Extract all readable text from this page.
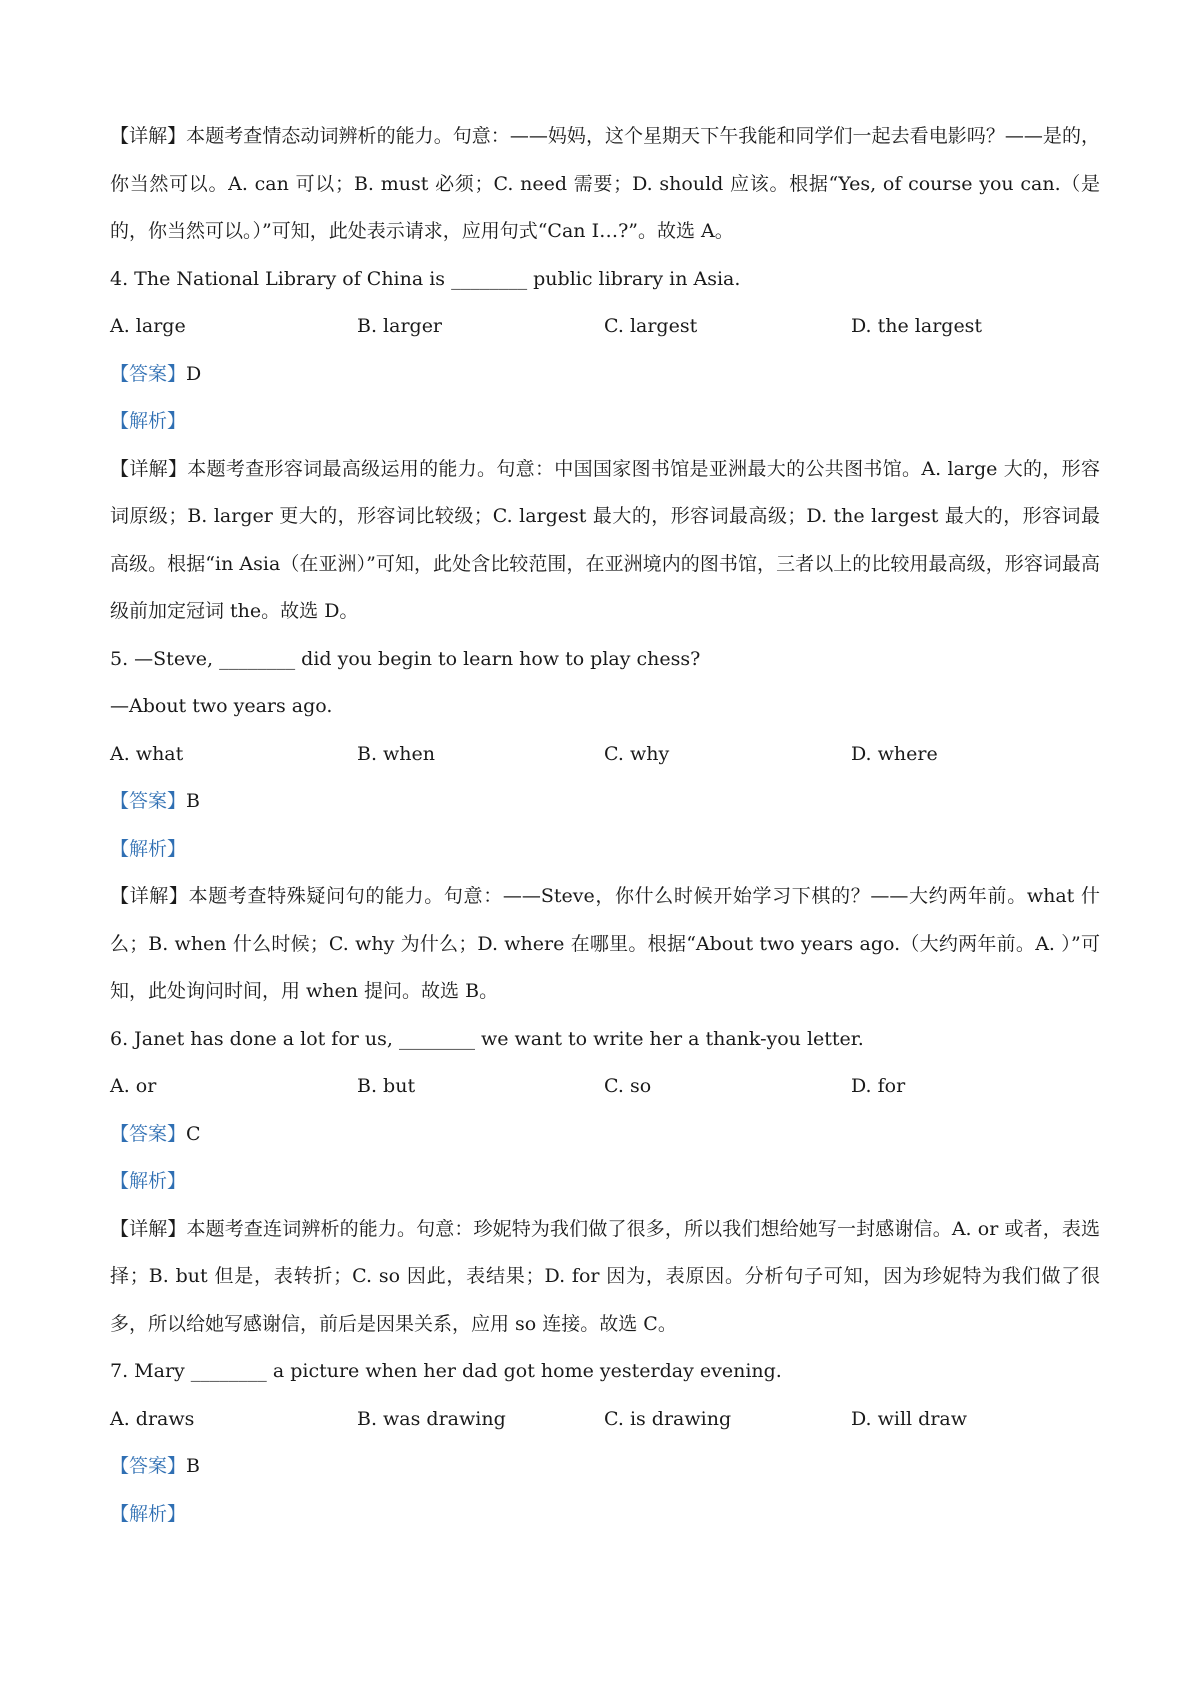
【详解】本题考查情态动词辨析的能力。句意：——妈妈，这个星期天下午我能和同学们一起去看电影吗？——是的，你当然可以。A. can 可以；B. must 必须；C. need 需要；D. should 应该。根据“Yes, of course you can.（是的，你当然可以。）”可知，此处表示请求，应用句式“Can I…?”。故选 A。
4. The National Library of China is ________ public library in Asia.
A. large	B. larger	C. largest	D. the largest
【答案】D
【解析】
【详解】本题考查形容词最高级运用的能力。句意：中国国家图书馆是亚洲最大的公共图书馆。A. large 大的，形容词原级；B. larger 更大的，形容词比较级；C. largest 最大的，形容词最高级；D. the largest 最大的，形容词最高级。根据“in Asia（在亚洲）”可知，此处含比较范围，在亚洲境内的图书馆，三者以上的比较用最高级，形容词最高级前加定冠词 the。故选 D。
5. —Steve, ________ did you begin to learn how to play chess?
—About two years ago.
A. what	B. when	C. why	D. where
【答案】B
【解析】
【详解】本题考查特殊疑问句的能力。句意：——Steve，你什么时候开始学习下棋的？——大约两年前。what 什么；B. when 什么时候；C. why 为什么；D. where 在哪里。根据“About two years ago.（大约两年前。A. ）”可知，此处询问时间，用 when 提问。故选 B。
6. Janet has done a lot for us, ________ we want to write her a thank-you letter.
A. or	B. but	C. so	D. for
【答案】C
【解析】
【详解】本题考查连词辨析的能力。句意：珍妮特为我们做了很多，所以我们想给她写一封感谢信。A. or 或者，表选择；B. but 但是，表转折；C. so 因此，表结果；D. for 因为，表原因。分析句子可知，因为珍妮特为我们做了很多，所以给她写感谢信，前后是因果关系，应用 so 连接。故选 C。
7. Mary ________ a picture when her dad got home yesterday evening.
A. draws	B. was drawing	C. is drawing	D. will draw
【答案】B
【解析】
